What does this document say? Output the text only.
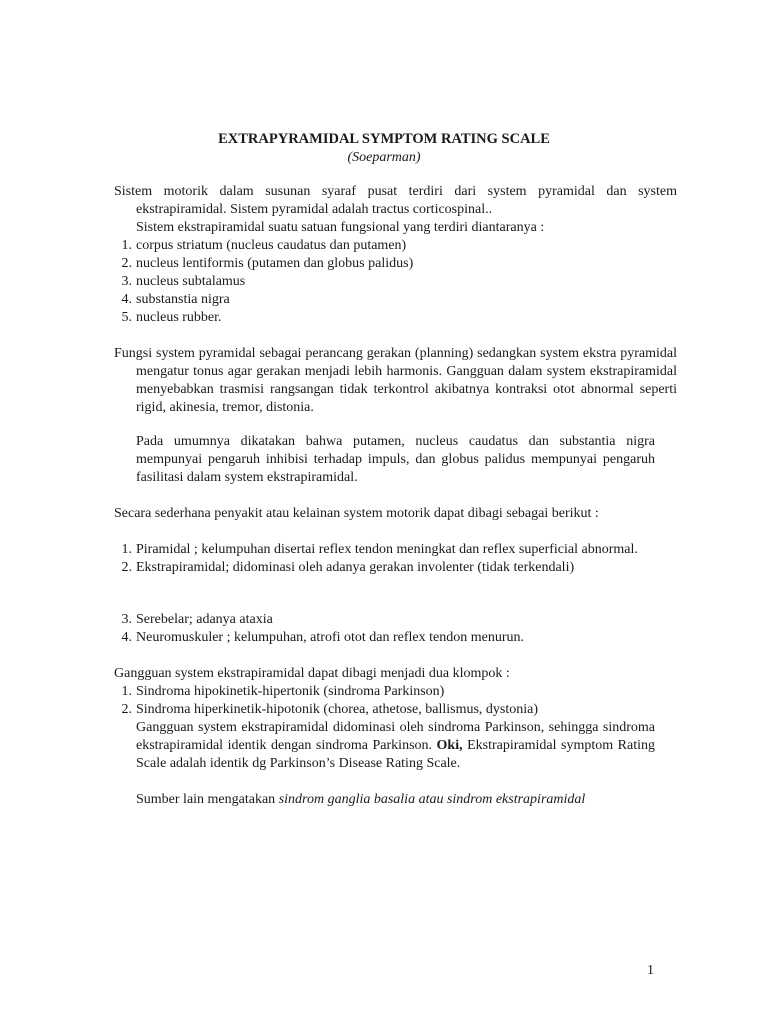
EXTRAPYRAMIDAL SYMPTOM RATING SCALE
(Soeparman)
Sistem motorik dalam susunan syaraf pusat terdiri dari system pyramidal dan system ekstrapiramidal. Sistem pyramidal adalah tractus corticospinal..
Sistem ekstrapiramidal suatu satuan fungsional yang terdiri diantaranya :
1. corpus striatum (nucleus caudatus dan putamen)
2. nucleus lentiformis (putamen dan globus palidus)
3. nucleus subtalamus
4. substanstia nigra
5. nucleus rubber.
Fungsi system pyramidal sebagai perancang gerakan (planning) sedangkan system ekstra pyramidal mengatur tonus agar gerakan menjadi lebih harmonis. Gangguan dalam system ekstrapiramidal menyebabkan trasmisi rangsangan tidak terkontrol akibatnya kontraksi otot abnormal seperti rigid, akinesia, tremor, distonia.
Pada umumnya dikatakan bahwa putamen, nucleus caudatus dan substantia nigra mempunyai pengaruh inhibisi terhadap impuls, dan globus palidus mempunyai pengaruh fasilitasi dalam system ekstrapiramidal.
Secara sederhana penyakit atau kelainan system motorik dapat dibagi sebagai berikut :
1. Piramidal ; kelumpuhan disertai reflex tendon meningkat dan reflex superficial abnormal.
2. Ekstrapiramidal; didominasi oleh adanya gerakan involenter (tidak terkendali)
3. Serebelar; adanya ataxia
4. Neuromuskuler ; kelumpuhan, atrofi otot dan reflex tendon menurun.
Gangguan system ekstrapiramidal dapat dibagi menjadi dua klompok :
1. Sindroma hipokinetik-hipertonik (sindroma Parkinson)
2. Sindroma hiperkinetik-hipotonik (chorea, athetose, ballismus, dystonia)
Gangguan system ekstrapiramidal didominasi oleh sindroma Parkinson, sehingga sindroma ekstrapiramidal identik dengan sindroma Parkinson. Oki, Ekstrapiramidal symptom Rating Scale adalah identik dg Parkinson’s Disease Rating Scale.
Sumber lain mengatakan sindrom ganglia basalia atau sindrom ekstrapiramidal
1
